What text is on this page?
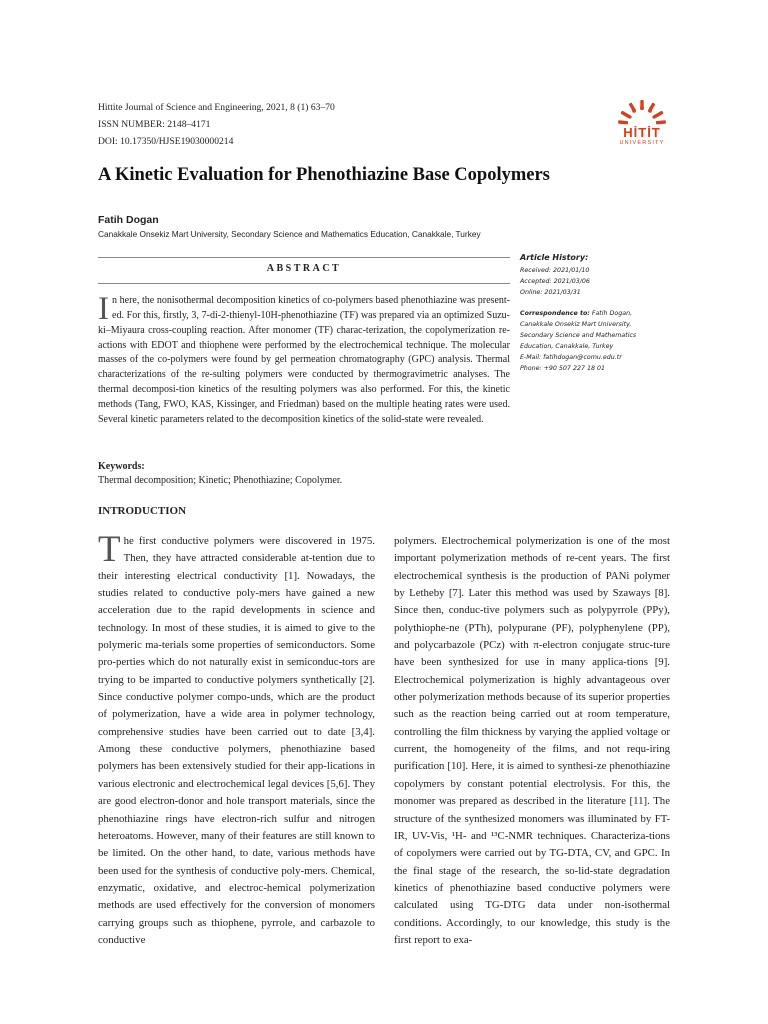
Hittite Journal of Science and Engineering, 2021, 8 (1) 63–70
ISSN NUMBER: 2148–4171
DOI: 10.17350/HJSE19030000214
HİTİT
UNIVERSITY
A Kinetic Evaluation for Phenothiazine Base Copolymers
Fatih Dogan
Canakkale Onsekiz Mart University, Secondary Science and Mathematics Education, Canakkale, Turkey
ABSTRACT
In here, the nonisothermal decomposition kinetics of co-polymers based phenothiazine was present-ed. For this, firstly, 3, 7-di-2-thienyl-10H-phenothiazine (TF) was prepared via an optimized Suzu-ki–Miyaura cross-coupling reaction. After monomer (TF) charac-terization, the copolymerization re-actions with EDOT and thiophene were performed by the electrochemical technique. The molecular masses of the co-polymers were found by gel permeation chromatography (GPC) analysis. Thermal characterizations of the re-sulting polymers were conducted by thermogravimetric analyses. The thermal decomposi-tion kinetics of the resulting polymers was also performed. For this, the kinetic methods (Tang, FWO, KAS, Kissinger, and Friedman) based on the multiple heating rates were used. Several kinetic parameters related to the decomposition kinetics of the solid-state were revealed.
Article History:
Received: 2021/01/10
Accepted: 2021/03/06
Online: 2021/03/31
Correspondence to: Fatih Dogan,
Canakkale Onsekiz Mart University,
Secondary Science and Mathematics
Education, Canakkale, Turkey
E-Mail: fatihdogan@comu.edu.tr
Phone: +90 507 227 18 01
Keywords:
Thermal decomposition; Kinetic; Phenothiazine; Copolymer.
INTRODUCTION
The first conductive polymers were discovered in 1975. Then, they have attracted considerable at-tention due to their interesting electrical conductivity [1]. Nowadays, the studies related to conductive poly-mers have gained a new acceleration due to the rapid developments in science and technology. In most of these studies, it is aimed to give to the polymeric ma-terials some properties of semiconductors. Some pro-perties which do not naturally exist in semiconduc-tors are trying to be imparted to conductive polymers synthetically [2]. Since conductive polymer compo-unds, which are the product of polymerization, have a wide area in polymer technology, comprehensive studies have been carried out to date [3,4]. Among these conductive polymers, phenothiazine based polymers has been extensively studied for their app-lications in various electronic and electrochemical legal devices [5,6]. They are good electron-donor and hole transport materials, since the phenothiazine rings have electron-rich sulfur and nitrogen heteroatoms. However, many of their features are still known to be limited. On the other hand, to date, various methods have been used for the synthesis of conductive poly-mers. Chemical, enzymatic, oxidative, and electroc-hemical polymerization methods are used effectively for the conversion of monomers carrying groups such as thiophene, pyrrole, and carbazole to conductive
polymers. Electrochemical polymerization is one of the most important polymerization methods of re-cent years. The first electrochemical synthesis is the production of PANi polymer by Letheby [7]. Later this method was used by Szaways [8]. Since then, conduc-tive polymers such as polypyrrole (PPy), polythiophe-ne (PTh), polypurane (PF), polyphenylene (PP), and polycarbazole (PCz) with π-electron conjugate struc-ture have been synthesized for use in many applica-tions [9]. Electrochemical polymerization is highly advantageous over other polymerization methods because of its superior properties such as the reaction being carried out at room temperature, controlling the film thickness by varying the applied voltage or current, the homogeneity of the films, and not requ-iring purification [10]. Here, it is aimed to synthesi-ze phenothiazine copolymers by constant potential electrolysis. For this, the monomer was prepared as described in the literature [11]. The structure of the synthesized monomers was illuminated by FT-IR, UV-Vis, ¹H- and ¹³C-NMR techniques. Characteriza-tions of copolymers were carried out by TG-DTA, CV, and GPC. In the final stage of the research, the so-lid-state degradation kinetics of phenothiazine based conductive polymers were calculated using TG-DTG data under non-isothermal conditions. Accordingly, to our knowledge, this study is the first report to exa-
